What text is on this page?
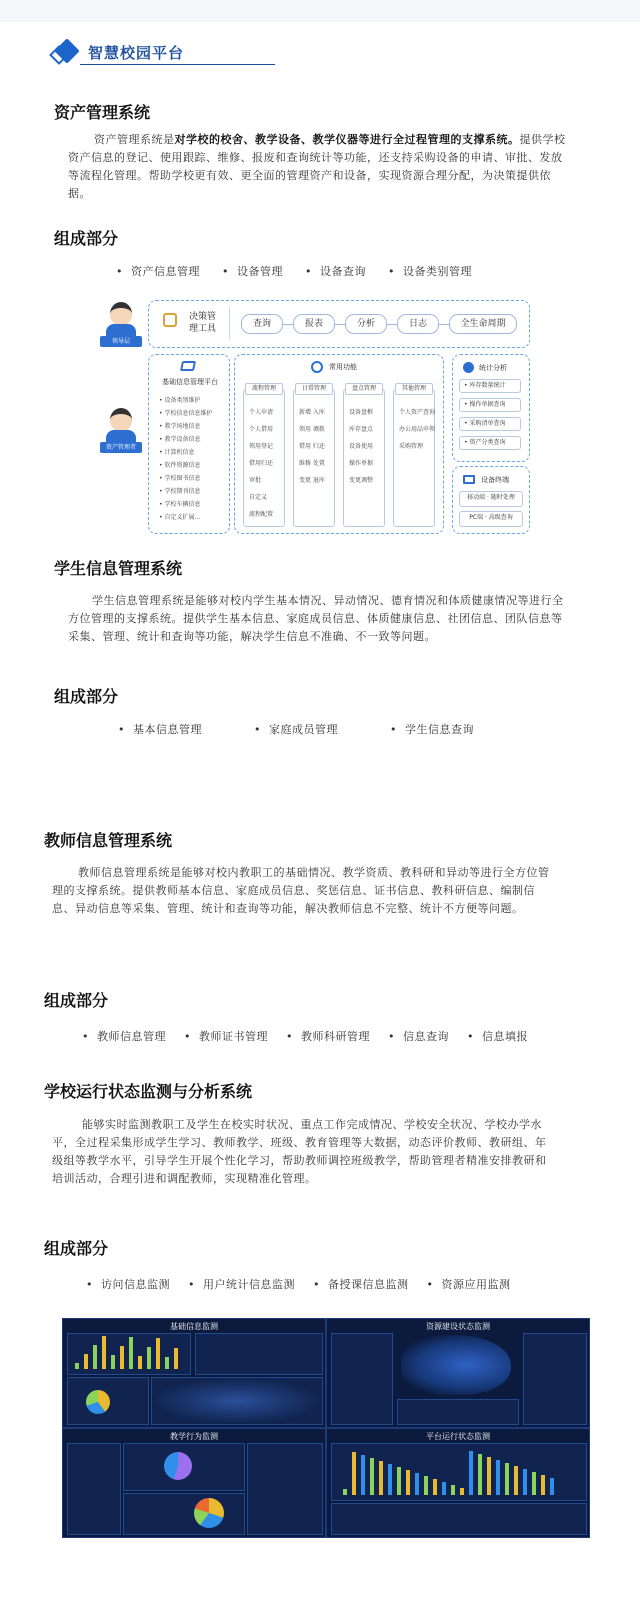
智慧校园平台
资产管理系统

资产管理系统是对学校的校舍、教学设备、教学仪器等进行全过程管理的支撑系统。提供学校资产信息的登记、使用跟踪、维修、报废和查询统计等功能，还支持采购设备的申请、审批、发放等流程化管理。帮助学校更有效、更全面的管理资产和设备，实现资源合理分配，为决策提供依据。

组成部分
• 资产信息管理	• 设备管理	• 设备查询	• 设备类别管理
领导层
资产管理者
决策管理工具	查询	报表	分析	日志	全生命周期
基础信息管理平台
• 设备类别维护
• 学校信息信息维护
• 教学场地信息
• 教学设备信息
• 计算机信息
• 软件资源信息
• 学校图书信息
• 学校期刊信息
• 学校车辆信息
• 自定义扩展...
常用功能
流程管理
个人申请
个人借用
领用登记
借用归还
审批
自定义
流程配置
日常管理
新增 入库
领用 调拨
借用 归还
维修 处置
变更 退库
盘点管理
设备盘框
库存盘点
设备使用
操作单据
变更调整
其他管理
个人资产查询
办公用品申领
采购管理
统计分析
• 库存数量统计
• 操作单据查询
• 采购清单查询
• 资产分类查询
设备终端
移动端 · 随时处理
PC端 · 高级查询
学生信息管理系统

学生信息管理系统是能够对校内学生基本情况、异动情况、德育情况和体质健康情况等进行全方位管理的支撑系统。提供学生基本信息、家庭成员信息、体质健康信息、社团信息、团队信息等采集、管理、统计和查询等功能，解决学生信息不准确、不一致等问题。

组成部分
• 基本信息管理	• 家庭成员管理	• 学生信息查询
教师信息管理系统

教师信息管理系统是能够对校内教职工的基础情况、教学资质、教科研和异动等进行全方位管理的支撑系统。提供教师基本信息、家庭成员信息、奖惩信息、证书信息、教科研信息、编制信息、异动信息等采集、管理、统计和查询等功能，解决教师信息不完整、统计不方便等问题。

组成部分
• 教师信息管理	• 教师证书管理	• 教师科研管理	• 信息查询	• 信息填报
学校运行状态监测与分析系统

能够实时监测教职工及学生在校实时状况、重点工作完成情况、学校安全状况、学校办学水平，全过程采集形成学生学习、教师教学、班级、教育管理等大数据，动态评价教师、教研组、年级组等教学水平，引导学生开展个性化学习，帮助教师调控班级教学，帮助管理者精准安排教研和培训活动，合理引进和调配教师，实现精准化管理。

组成部分
• 访问信息监测	• 用户统计信息监测	• 备授课信息监测	• 资源应用监测
基础信息监测	资源建设状态监测
教学行为监测	平台运行状态监测
